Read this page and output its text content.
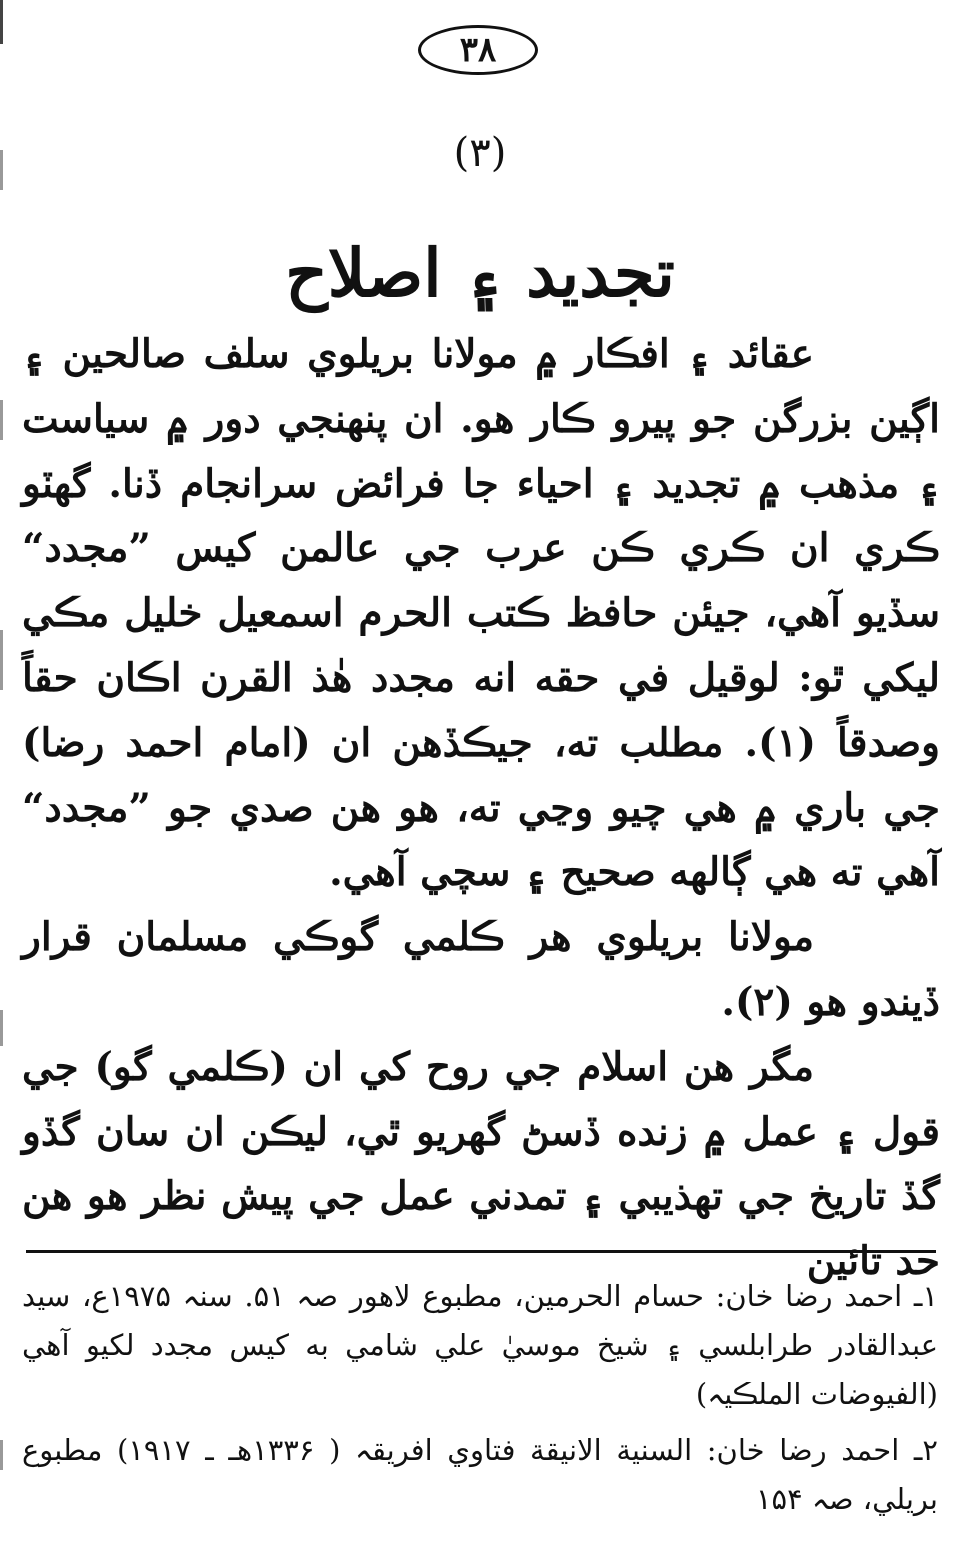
۳۸
(۳)
تجديد ۽ اصلاح

عقائد ۽ افڪار ۾ مولانا بريلوي سلف صالحين ۽ اڳين بزرگن جو پيرو ڪار هو. ان پنهنجي دور ۾ سياست ۽ مذهب ۾ تجديد ۽ احياء جا فرائض سرانجام ڏنا. گهٽو ڪري ان ڪري ڪن عرب جي عالمن کيس ”مجدد“ سڏيو آهي، جيئن حافظ ڪتب الحرم اسمعيل خليل مڪي ليکي ٿو: لوقيل في حقه انه مجدد هٰذ القرن اڪان حقاً وصدقاً (۱). مطلب ته، جيڪڏهن ان (امام احمد رضا) جي باري ۾ هي چيو وڃي ته، هو هن صدي جو ”مجدد“ آهي ته هي ڳالهه صحيح ۽ سچي آهي.

مولانا بريلوي هر ڪلمي گوڪي مسلمان قرار ڏيندو هو (۲).

مگر هن اسلام جي روح کي ان (ڪلمي گو) جي قول ۽ عمل ۾ زنده ڏسڻ گهريو ٿي، ليڪن ان سان گڏو گڏ تاريخ جي تهذيبي ۽ تمدني عمل جي پيش نظر هو هن حد تائين

۱ـ احمد رضا خان: حسام الحرمين، مطبوع لاهور صہ ۵۱. سنہ ۱۹۷۵ع، سيد عبدالقادر طرابلسي ۽ شيخ موسيٰ علي شامي به کيس مجدد لکيو آهي (الفيوضات الملڪيہ)

۲ـ احمد رضا خان: السنية الانيقة فتاوي افريقہ ( ۱۳۳۶هـ ـ ۱۹۱۷) مطبوع بريلي، صہ ۱۵۴
